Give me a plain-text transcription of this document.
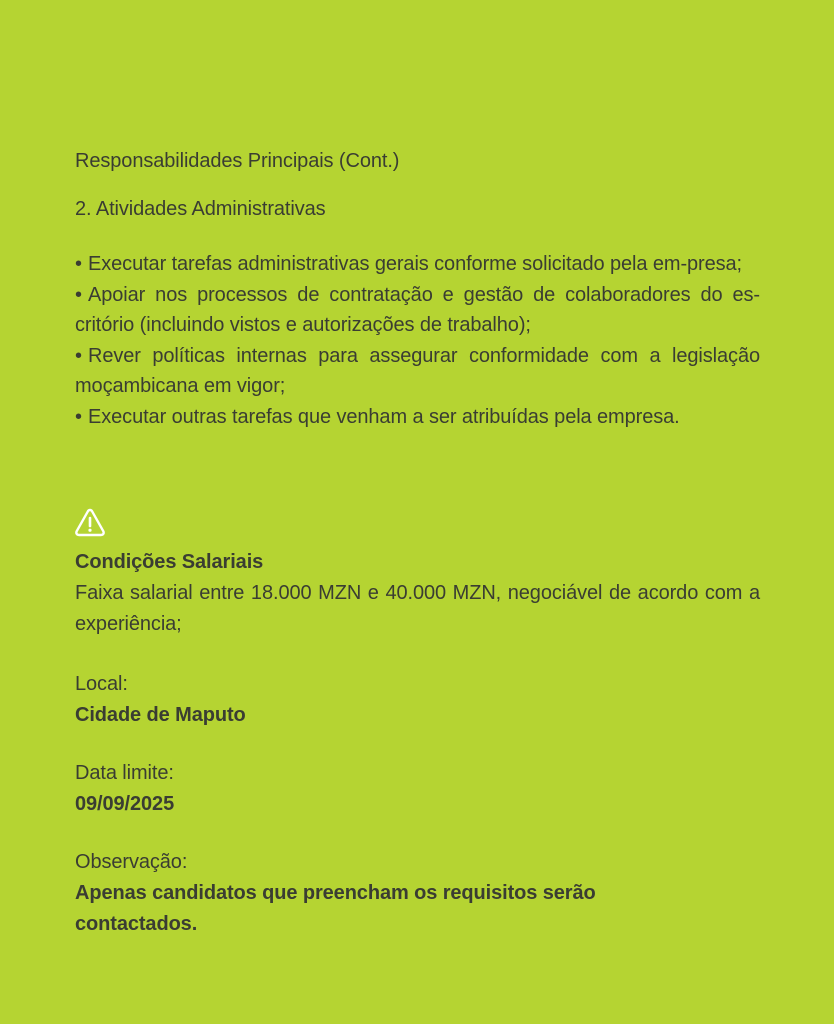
Responsabilidades Principais (Cont.)
2. Atividades Administrativas
• Executar tarefas administrativas gerais conforme solicitado pela em-presa;
• Apoiar nos processos de contratação e gestão de colaboradores do es-critório (incluindo vistos e autorizações de trabalho);
• Rever políticas internas para assegurar conformidade com a legislação moçambicana em vigor;
• Executar outras tarefas que venham a ser atribuídas pela empresa.
Condições Salariais
Faixa salarial entre 18.000 MZN e 40.000 MZN, negociável de acordo com a experiência;
Local:
Cidade de Maputo
Data limite:
09/09/2025
Observação:
Apenas candidatos que preencham os requisitos serão contactados.
